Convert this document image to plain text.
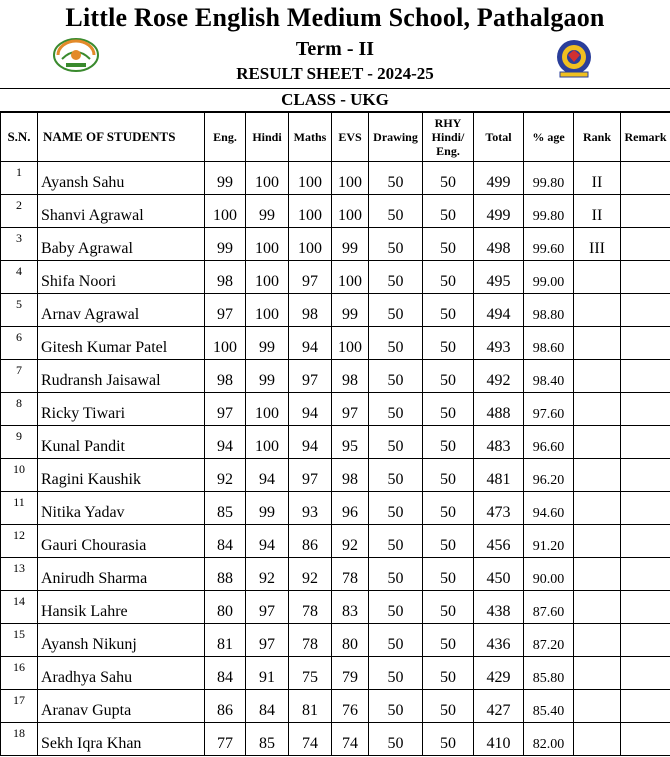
Little Rose English Medium School, Pathalgaon
Term - II
RESULT SHEET - 2024-25
CLASS - UKG
S.N.	NAME OF STUDENTS	Eng.	Hindi	Maths	EVS	Drawing	RHY Hindi/ Eng.	Total	% age	Rank	Remark
1	Ayansh Sahu	99	100	100	100	50	50	499	99.80	II	
2	Shanvi Agrawal	100	99	100	100	50	50	499	99.80	II	
3	Baby Agrawal	99	100	100	99	50	50	498	99.60	III	
4	Shifa Noori	98	100	97	100	50	50	495	99.00		
5	Arnav Agrawal	97	100	98	99	50	50	494	98.80		
6	Gitesh Kumar Patel	100	99	94	100	50	50	493	98.60		
7	Rudransh Jaisawal	98	99	97	98	50	50	492	98.40		
8	Ricky Tiwari	97	100	94	97	50	50	488	97.60		
9	Kunal Pandit	94	100	94	95	50	50	483	96.60		
10	Ragini Kaushik	92	94	97	98	50	50	481	96.20		
11	Nitika Yadav	85	99	93	96	50	50	473	94.60		
12	Gauri Chourasia	84	94	86	92	50	50	456	91.20		
13	Anirudh Sharma	88	92	92	78	50	50	450	90.00		
14	Hansik Lahre	80	97	78	83	50	50	438	87.60		
15	Ayansh Nikunj	81	97	78	80	50	50	436	87.20		
16	Aradhya Sahu	84	91	75	79	50	50	429	85.80		
17	Aranav Gupta	86	84	81	76	50	50	427	85.40		
18	Sekh Iqra Khan	77	85	74	74	50	50	410	82.00		
